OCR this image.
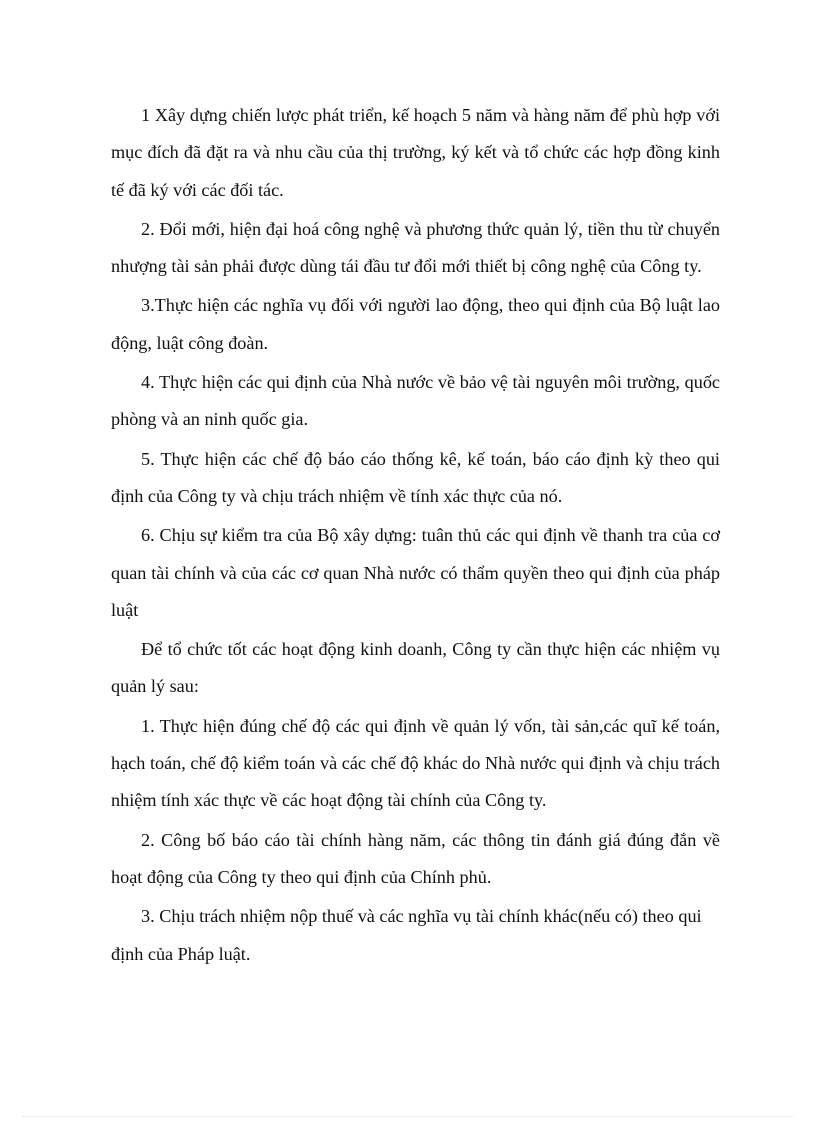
1 Xây dựng chiến lược phát triển, kế hoạch 5 năm và hàng năm để phù hợp với mục đích đã đặt ra và nhu cầu của thị trường, ký kết và tổ chức các hợp đồng kinh tế đã ký với các đối tác.

2. Đổi mới, hiện đại hoá công nghệ và phương thức quản lý, tiền thu từ chuyển nhượng tài sản phải được dùng tái đầu tư đổi mới thiết bị công nghệ của Công ty.

3.Thực hiện các nghĩa vụ đối với người lao động, theo qui định của Bộ luật lao động, luật công đoàn.

4. Thực hiện các qui định của Nhà nước về bảo vệ tài nguyên môi trường, quốc phòng và an ninh quốc gia.

5. Thực hiện các chế độ báo cáo thống kê, kế toán, báo cáo định kỳ theo qui định của Công ty và chịu trách nhiệm về tính xác thực của nó.

6. Chịu sự kiểm tra của Bộ xây dựng: tuân thủ các qui định về thanh tra của cơ quan tài chính và của các cơ quan Nhà nước có thẩm quyền theo qui định của pháp luật

Để tổ chức tốt các hoạt động kinh doanh, Công ty cần thực hiện các nhiệm vụ quản lý sau:

1. Thực hiện đúng chế độ các qui định về quản lý vốn, tài sản,các quĩ kế toán, hạch toán, chế độ kiểm toán và các chế độ khác do Nhà nước qui định và chịu trách nhiệm tính xác thực về các hoạt động tài chính của Công ty.

2. Công bố báo cáo tài chính hàng năm, các thông tin đánh giá đúng đắn về hoạt động của Công ty theo qui định của Chính phủ.

3. Chịu trách nhiệm nộp thuế và các nghĩa vụ tài chính khác(nếu có) theo qui định của Pháp luật.
